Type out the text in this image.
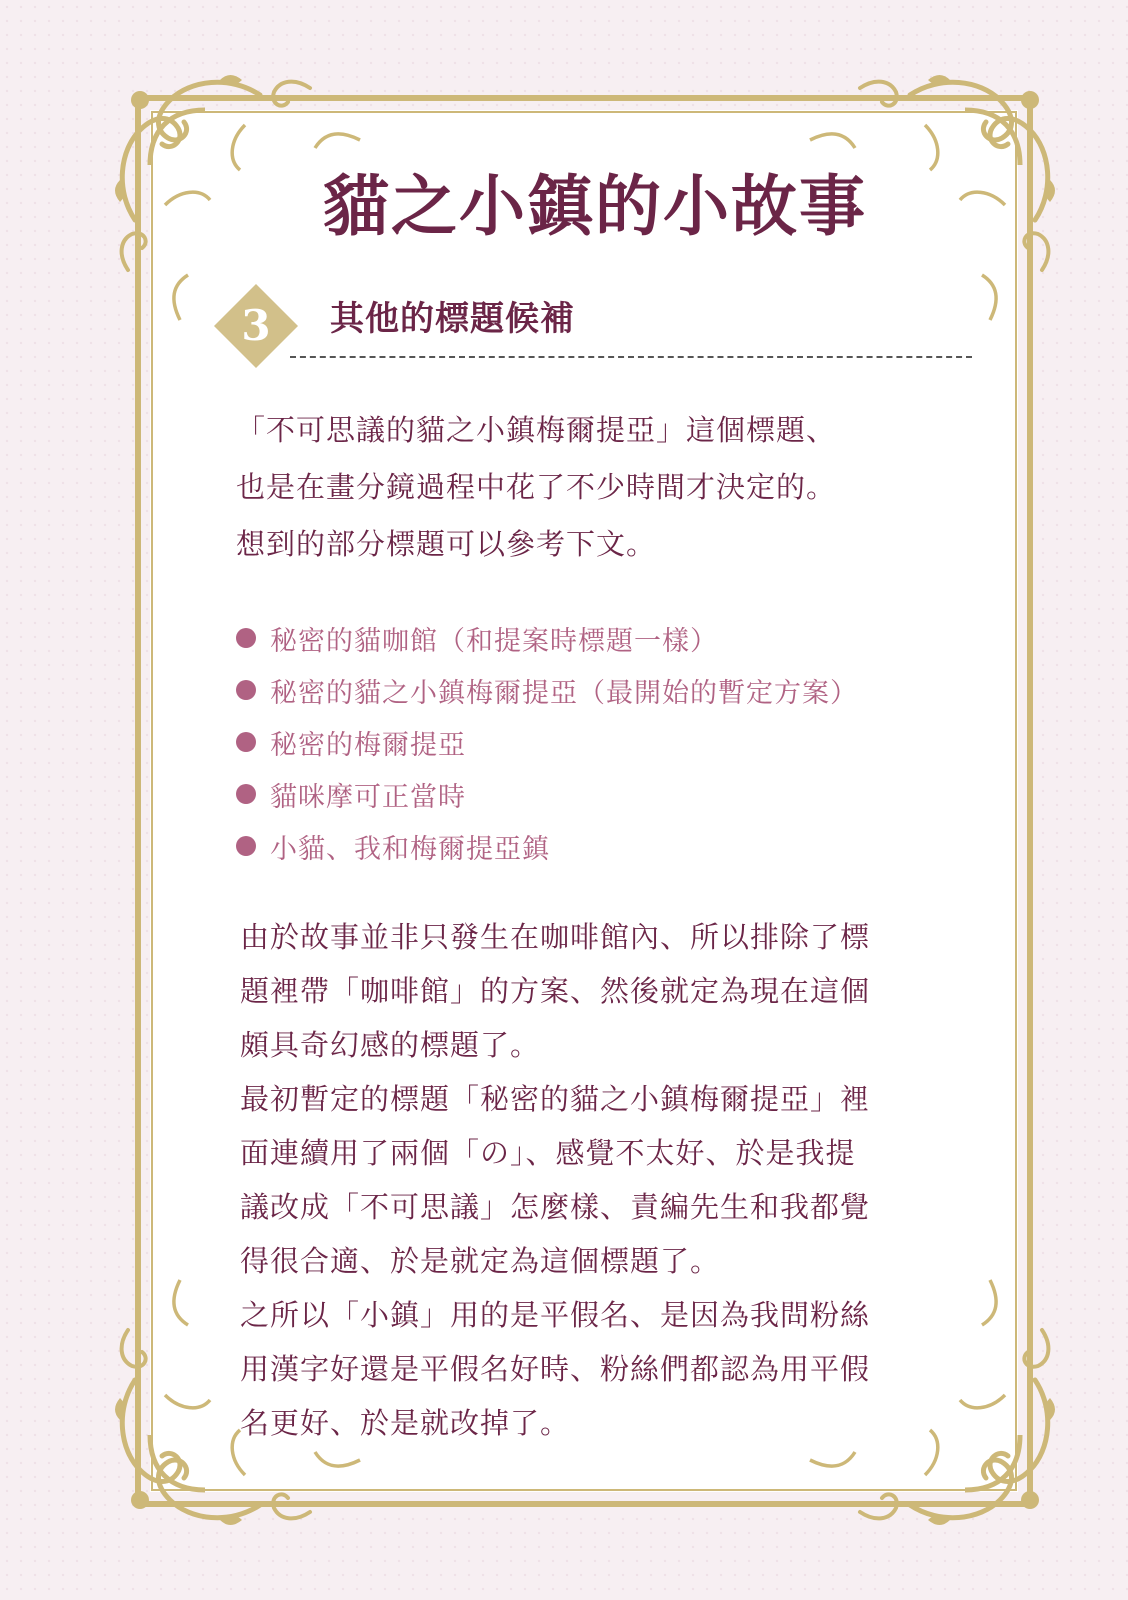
貓之小鎮的小故事
3 其他的標題候補

「不可思議的貓之小鎮梅爾提亞」這個標題、

也是在畫分鏡過程中花了不少時間才決定的。

想到的部分標題可以參考下文。

秘密的貓咖館（和提案時標題一樣）
秘密的貓之小鎮梅爾提亞（最開始的暫定方案）
秘密的梅爾提亞
貓咪摩可正當時
小貓、我和梅爾提亞鎮

由於故事並非只發生在咖啡館內、所以排除了標

題裡帶「咖啡館」的方案、然後就定為現在這個

頗具奇幻感的標題了。

最初暫定的標題「秘密的貓之小鎮梅爾提亞」裡

面連續用了兩個「の」、感覺不太好、於是我提

議改成「不可思議」怎麼樣、責編先生和我都覺

得很合適、於是就定為這個標題了。

之所以「小鎮」用的是平假名、是因為我問粉絲

用漢字好還是平假名好時、粉絲們都認為用平假

名更好、於是就改掉了。
